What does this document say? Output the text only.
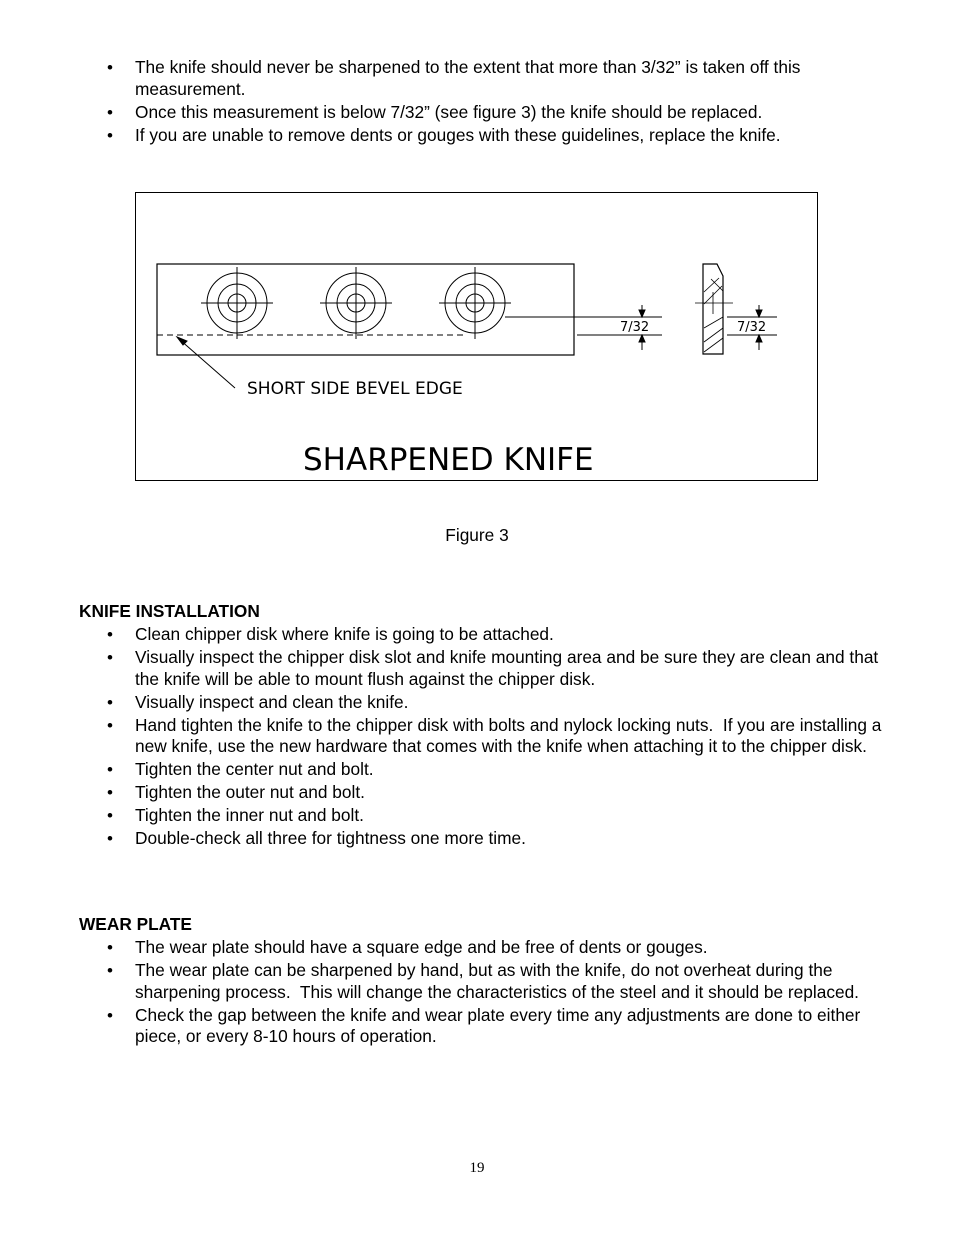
• The knife should never be sharpened to the extent that more than 3/32” is taken off this measurement.
• Once this measurement is below 7/32” (see figure 3) the knife should be replaced.
• If you are unable to remove dents or gouges with these guidelines, replace the knife.
7/32	7/32
SHORT SIDE BEVEL EDGE
SHARPENED KNIFE
Figure 3
KNIFE INSTALLATION
• Clean chipper disk where knife is going to be attached.
• Visually inspect the chipper disk slot and knife mounting area and be sure they are clean and that the knife will be able to mount flush against the chipper disk.
• Visually inspect and clean the knife.
• Hand tighten the knife to the chipper disk with bolts and nylock locking nuts.  If you are installing a new knife, use the new hardware that comes with the knife when attaching it to the chipper disk.
• Tighten the center nut and bolt.
• Tighten the outer nut and bolt.
• Tighten the inner nut and bolt.
• Double-check all three for tightness one more time.
WEAR PLATE
• The wear plate should have a square edge and be free of dents or gouges.
• The wear plate can be sharpened by hand, but as with the knife, do not overheat during the sharpening process.  This will change the characteristics of the steel and it should be replaced.
• Check the gap between the knife and wear plate every time any adjustments are done to either piece, or every 8-10 hours of operation.
19
